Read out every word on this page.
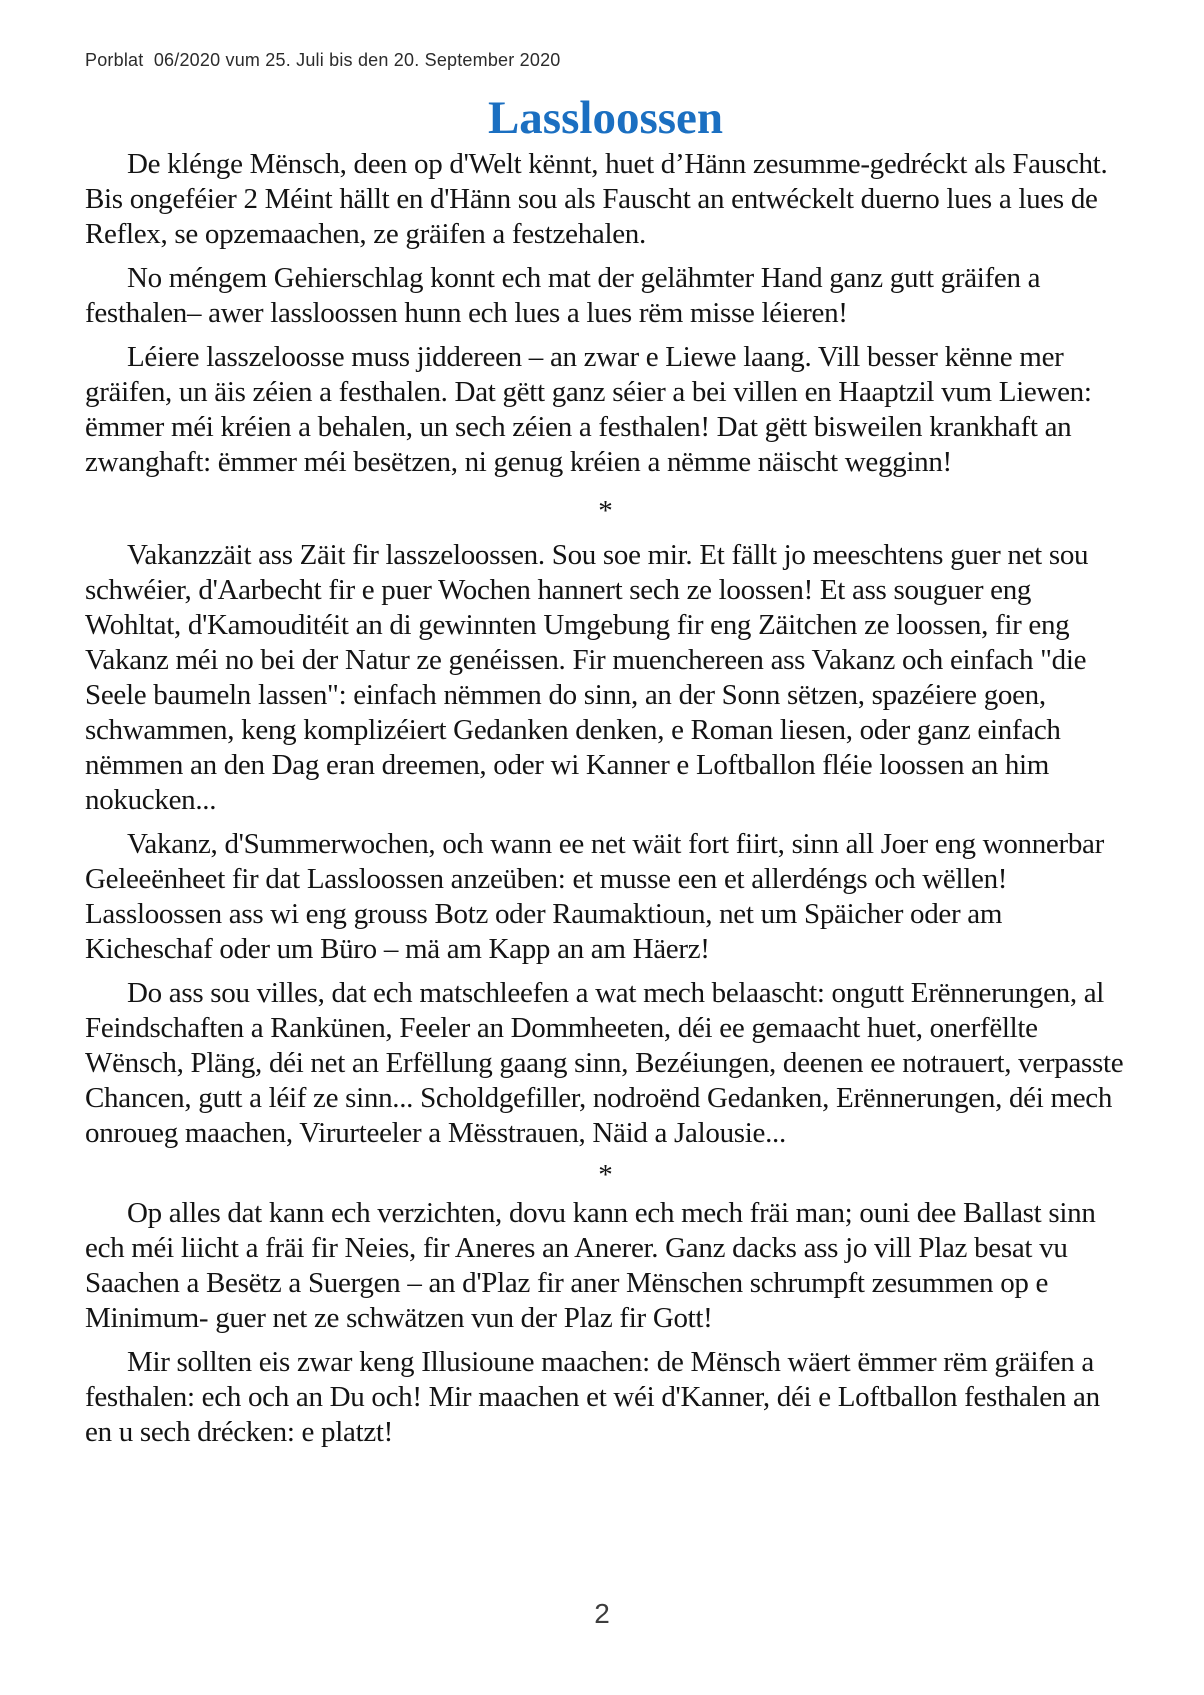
Porblat  06/2020 vum 25. Juli bis den 20. September 2020
Lassloossen

De klénge Mënsch, deen op d'Welt kënnt, huet d’Hänn zesumme-gedréckt als Fauscht.   Bis ongeféier 2 Méint hällt en d'Hänn sou als Fauscht an entwéckelt duerno lues a lues de Reflex, se opzemaachen, ze gräifen a festzehalen.

No méngem Gehierschlag konnt ech mat der gelähmter Hand ganz gutt gräifen a festhalen– awer lassloossen hunn ech lues a lues rëm misse léieren!

Léiere lasszeloosse muss jiddereen – an zwar e Liewe laang. Vill besser kënne mer gräifen, un äis zéien a festhalen. Dat gëtt ganz séier a bei villen en Haaptzil vum Liewen: ëmmer méi kréien a behalen, un sech zéien a festhalen! Dat gëtt bisweilen krankhaft an zwanghaft: ëmmer méi besëtzen, ni genug kréien a nëmme näischt wegginn!

*

Vakanzzäit ass Zäit fir lasszeloossen. Sou soe mir. Et fällt jo meeschtens guer net sou schwéier, d'Aarbecht fir e puer Wochen hannert sech ze loossen! Et ass souguer eng Wohltat, d'Kamouditéit an di gewinnten Umgebung fir eng Zäitchen ze loossen, fir eng Vakanz méi no bei der Natur ze genéissen. Fir muenchereen ass Vakanz och einfach "die Seele baumeln lassen": einfach nëmmen do sinn, an der Sonn sëtzen, spazéiere goen, schwammen, keng komplizéiert Gedanken denken, e Roman liesen, oder ganz einfach nëmmen an den Dag eran dreemen, oder wi Kanner e Loftballon fléie loossen an him nokucken...

Vakanz, d'Summerwochen, och wann ee net wäit fort fiirt, sinn all Joer eng wonnerbar Geleeënheet fir dat Lassloossen anzeüben: et musse een et allerdéngs och wëllen! Lassloossen ass wi eng grouss Botz oder Raumaktioun, net um Späicher oder am Kicheschaf oder um Büro – mä am Kapp an am Häerz!

Do ass sou villes, dat ech matschleefen a wat mech belaascht: ongutt Erënnerungen, al Feindschaften a Rankünen, Feeler an Dommheeten, déi ee gemaacht huet, onerfëllte Wënsch, Pläng, déi net an Erfëllung gaang sinn, Bezéiungen, deenen ee notrauert, verpasste Chancen, gutt a léif ze sinn... Scholdgefiller, nodroënd Gedanken, Erënnerungen, déi mech onroueg maachen, Virurteeler a Mësstrauen, Näid a Jalousie...

*

Op alles dat kann ech verzichten, dovu kann ech mech fräi man; ouni dee Ballast sinn ech méi liicht a fräi fir Neies, fir Aneres an Anerer. Ganz dacks ass jo vill Plaz besat vu Saachen a Besëtz a Suergen – an d'Plaz fir aner Mënschen schrumpft zesummen op e Minimum- guer net ze schwätzen vun der Plaz fir Gott!

Mir sollten eis zwar keng Illusioune maachen: de Mënsch wäert ëmmer rëm gräifen a festhalen: ech och an Du och! Mir maachen et wéi d'Kanner, déi e Loftballon festhalen an en u sech drécken: e platzt!

2
